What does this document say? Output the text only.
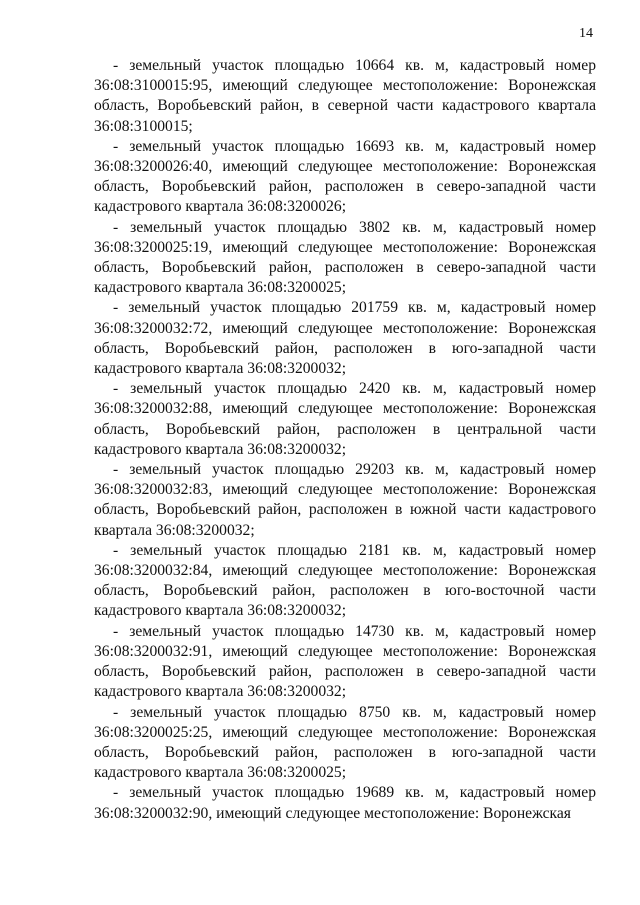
14

- земельный участок площадью 10664 кв. м, кадастровый номер 36:08:3100015:95, имеющий следующее местоположение: Воронежская область, Воробьевский район, в северной части кадастрового квартала 36:08:3100015;

- земельный участок площадью 16693 кв. м, кадастровый номер 36:08:3200026:40, имеющий следующее местоположение: Воронежская область, Воробьевский район, расположен в северо-западной части кадастрового квартала 36:08:3200026;

- земельный участок площадью 3802 кв. м, кадастровый номер 36:08:3200025:19, имеющий следующее местоположение: Воронежская область, Воробьевский район, расположен в северо-западной части кадастрового квартала 36:08:3200025;

- земельный участок площадью 201759 кв. м, кадастровый номер 36:08:3200032:72, имеющий следующее местоположение: Воронежская область, Воробьевский район, расположен в юго-западной части кадастрового квартала 36:08:3200032;

- земельный участок площадью 2420 кв. м, кадастровый номер 36:08:3200032:88, имеющий следующее местоположение: Воронежская область, Воробьевский район, расположен в центральной части кадастрового квартала 36:08:3200032;

- земельный участок площадью 29203 кв. м, кадастровый номер 36:08:3200032:83, имеющий следующее местоположение: Воронежская область, Воробьевский район, расположен в южной части кадастрового квартала 36:08:3200032;

- земельный участок площадью 2181 кв. м, кадастровый номер 36:08:3200032:84, имеющий следующее местоположение: Воронежская область, Воробьевский район, расположен в юго-восточной части кадастрового квартала 36:08:3200032;

- земельный участок площадью 14730 кв. м, кадастровый номер 36:08:3200032:91, имеющий следующее местоположение: Воронежская область, Воробьевский район, расположен в северо-западной части кадастрового квартала 36:08:3200032;

- земельный участок площадью 8750 кв. м, кадастровый номер 36:08:3200025:25, имеющий следующее местоположение: Воронежская область, Воробьевский район, расположен в юго-западной части кадастрового квартала 36:08:3200025;

- земельный участок площадью 19689 кв. м, кадастровый номер 36:08:3200032:90, имеющий следующее местоположение: Воронежская
